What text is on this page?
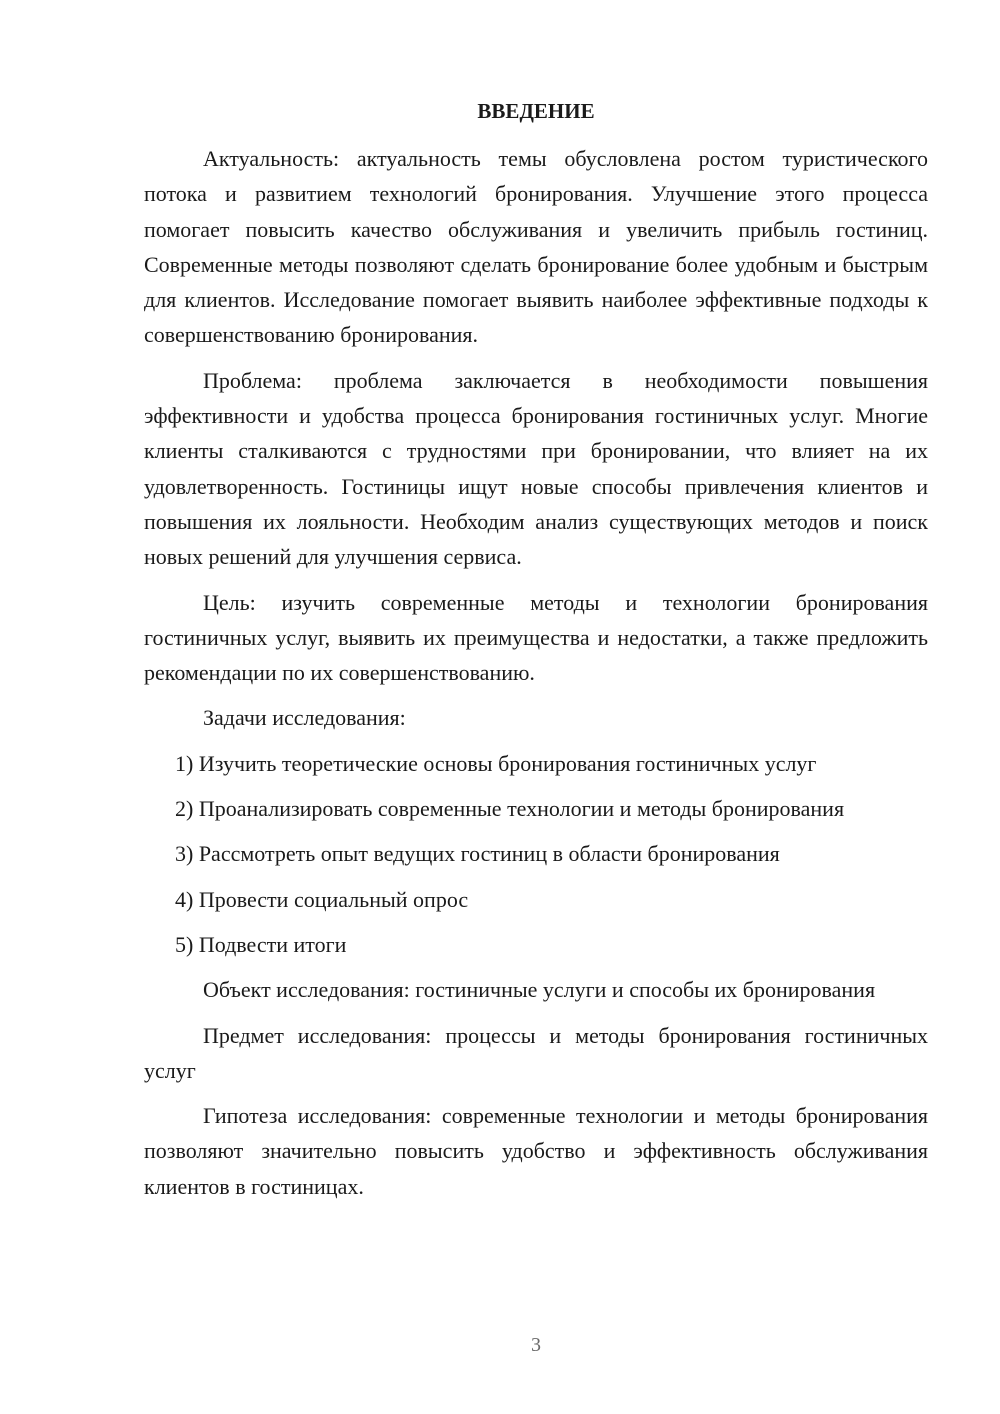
ВВЕДЕНИЕ

Актуальность: актуальность темы обусловлена ростом туристического потока и развитием технологий бронирования. Улучшение этого процесса помогает повысить качество обслуживания и увеличить прибыль гостиниц. Современные методы позволяют сделать бронирование более удобным и быстрым для клиентов. Исследование помогает выявить наиболее эффективные подходы к совершенствованию бронирования.

Проблема: проблема заключается в необходимости повышения эффективности и удобства процесса бронирования гостиничных услуг. Многие клиенты сталкиваются с трудностями при бронировании, что влияет на их удовлетворенность. Гостиницы ищут новые способы привлечения клиентов и повышения их лояльности. Необходим анализ существующих методов и поиск новых решений для улучшения сервиса.

Цель: изучить современные методы и технологии бронирования гостиничных услуг, выявить их преимущества и недостатки, а также предложить рекомендации по их совершенствованию.

Задачи исследования:

1) Изучить теоретические основы бронирования гостиничных услуг

2) Проанализировать современные технологии и методы бронирования

3) Рассмотреть опыт ведущих гостиниц в области бронирования

4) Провести социальный опрос

5) Подвести итоги

Объект исследования: гостиничные услуги и способы их бронирования

Предмет исследования: процессы и методы бронирования гостиничных услуг

Гипотеза исследования: современные технологии и методы бронирования позволяют значительно повысить удобство и эффективность обслуживания клиентов в гостиницах.

3
